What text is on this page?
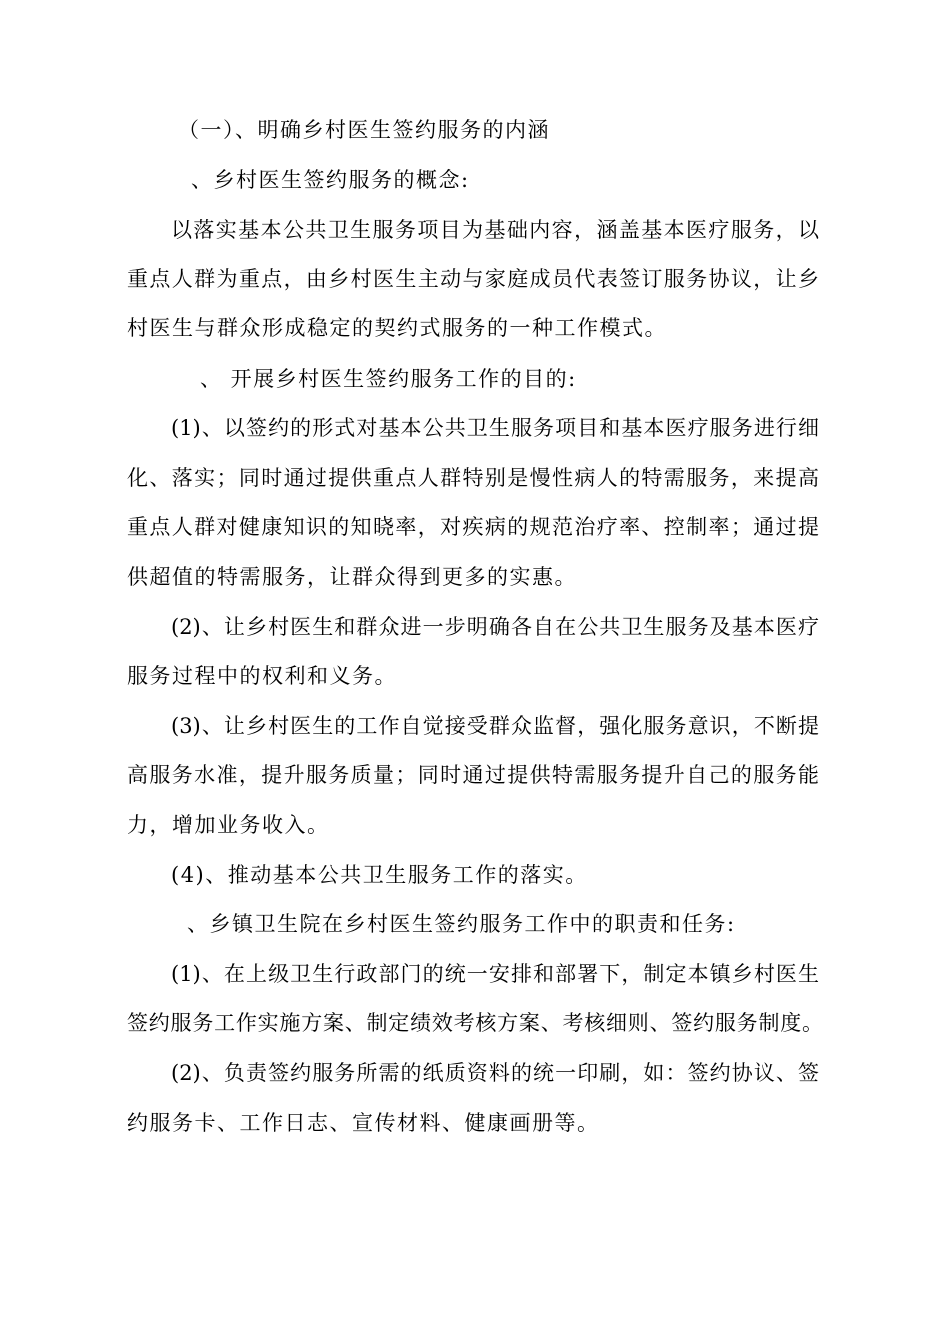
（一）、明确乡村医生签约服务的内涵
、乡村医生签约服务的概念:
以落实基本公共卫生服务项目为基础内容，涵盖基本医疗服务，以
重点人群为重点，由乡村医生主动与家庭成员代表签订服务协议，让乡
村医生与群众形成稳定的契约式服务的一种工作模式。
、 开展乡村医生签约服务工作的目的:
(1)、以签约的形式对基本公共卫生服务项目和基本医疗服务进行细
化、落实；同时通过提供重点人群特别是慢性病人的特需服务，来提高
重点人群对健康知识的知晓率，对疾病的规范治疗率、控制率；通过提
供超值的特需服务，让群众得到更多的实惠。
(2)、让乡村医生和群众进一步明确各自在公共卫生服务及基本医疗
服务过程中的权利和义务。
(3)、让乡村医生的工作自觉接受群众监督，强化服务意识，不断提
高服务水准，提升服务质量；同时通过提供特需服务提升自己的服务能
力，增加业务收入。
(4)、推动基本公共卫生服务工作的落实。
、乡镇卫生院在乡村医生签约服务工作中的职责和任务:
(1)、在上级卫生行政部门的统一安排和部署下，制定本镇乡村医生
签约服务工作实施方案、制定绩效考核方案、考核细则、签约服务制度。
(2)、负责签约服务所需的纸质资料的统一印刷，如：签约协议、签
约服务卡、工作日志、宣传材料、健康画册等。
